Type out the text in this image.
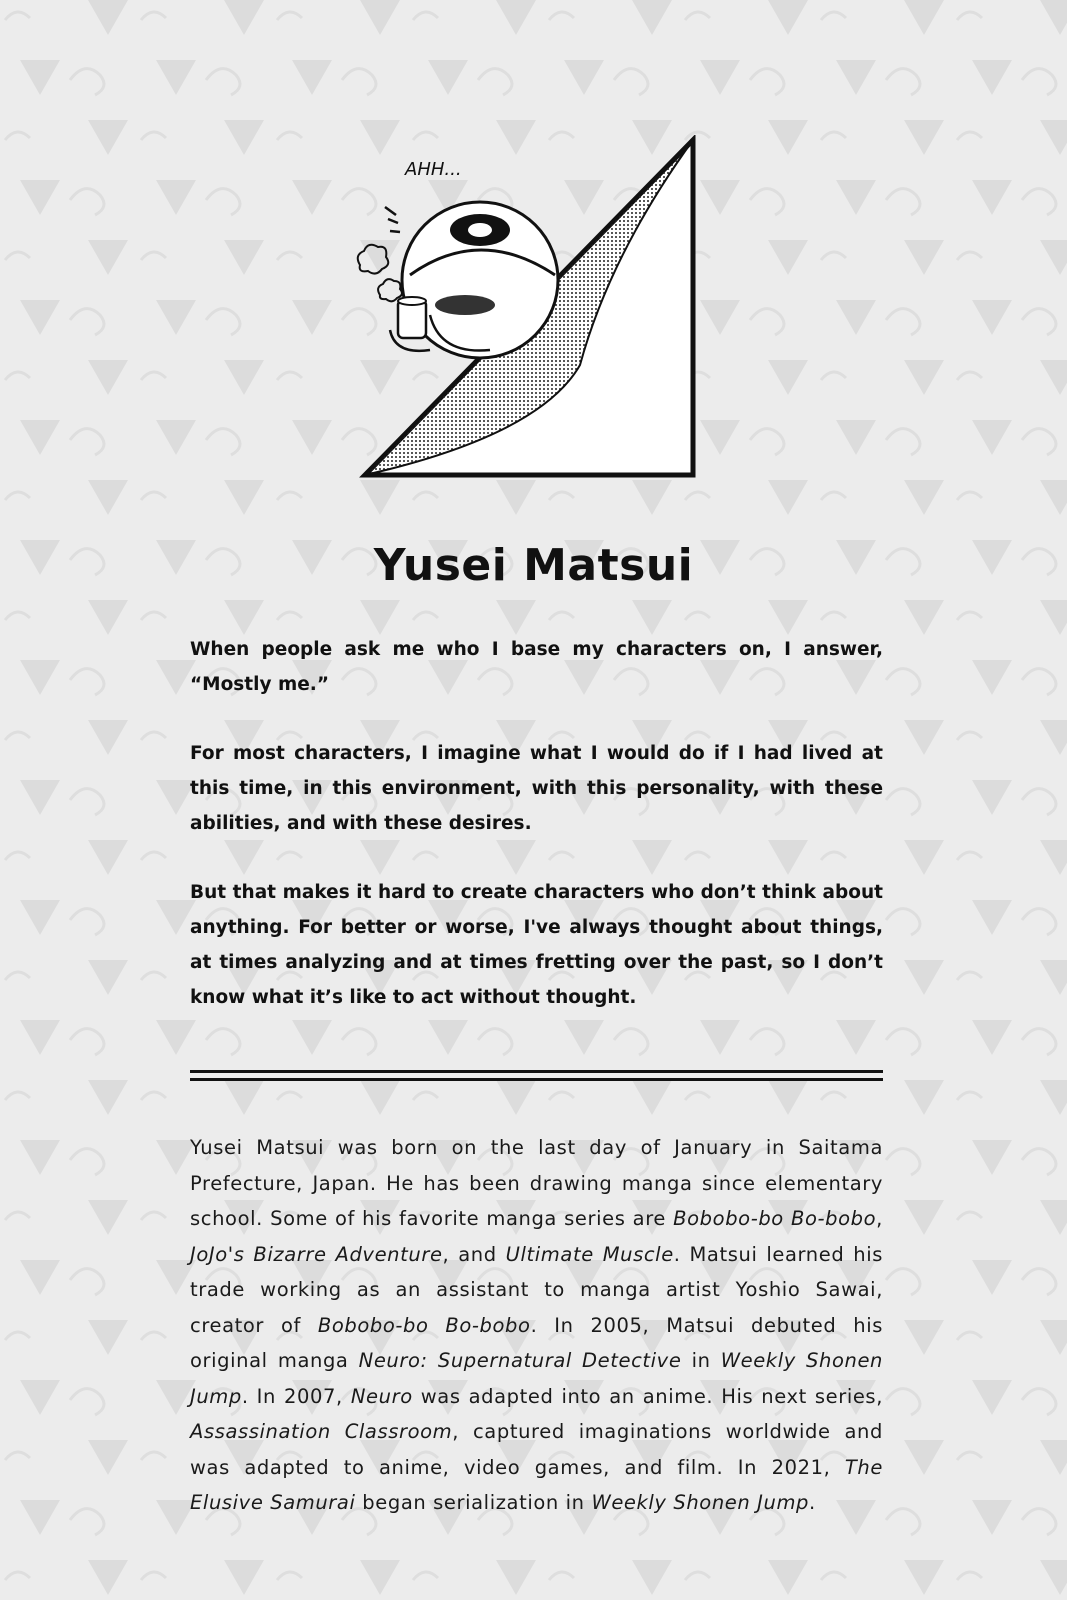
AHH...
Yusei Matsui

When people ask me who I base my characters on, I answer, “Mostly me.”

For most characters, I imagine what I would do if I had lived at this time, in this environment, with this personality, with these abilities, and with these desires.

But that makes it hard to create characters who don’t think about anything. For better or worse, I've always thought about things, at times analyzing and at times fretting over the past, so I don’t know what it’s like to act without thought.

Yusei Matsui was born on the last day of January in Saitama Prefecture, Japan. He has been drawing manga since elementary school. Some of his favorite manga series are Bobobo-bo Bo-bobo, JoJo's Bizarre Adventure, and Ultimate Muscle. Matsui learned his trade working as an assistant to manga artist Yoshio Sawai, creator of Bobobo-bo Bo-bobo. In 2005, Matsui debuted his original manga Neuro: Supernatural Detective in Weekly Shonen Jump. In 2007, Neuro was adapted into an anime. His next series, Assassination Classroom, captured imaginations worldwide and was adapted to anime, video games, and film. In 2021, The Elusive Samurai began serialization in Weekly Shonen Jump.
